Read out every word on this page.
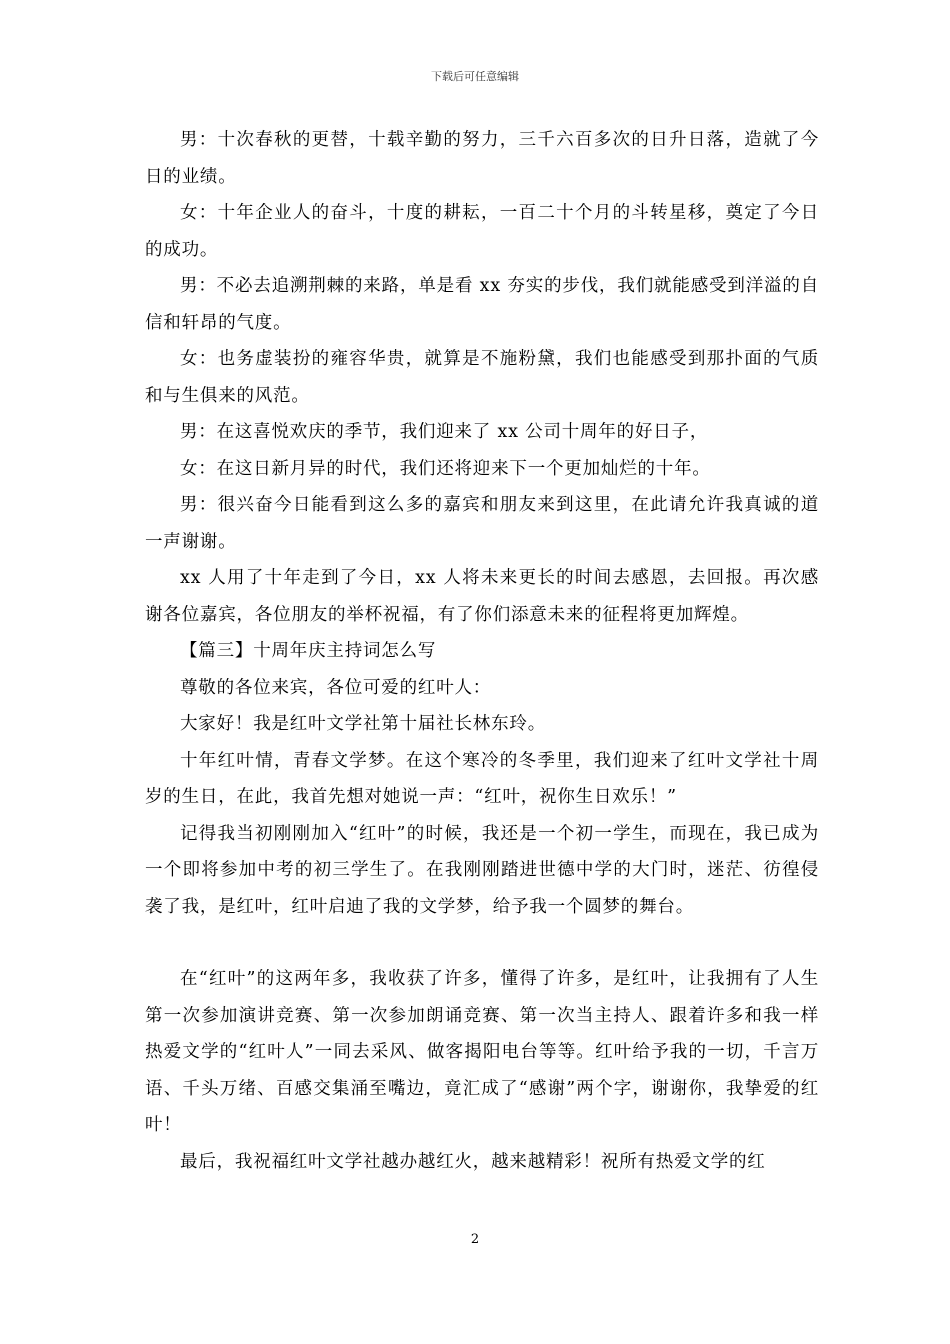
下载后可任意编辑

男：十次春秋的更替，十载辛勤的努力，三千六百多次的日升日落，造就了今日的业绩。

女：十年企业人的奋斗，十度的耕耘，一百二十个月的斗转星移，奠定了今日的成功。

男：不必去追溯荆棘的来路，单是看 xx 夯实的步伐，我们就能感受到洋溢的自信和轩昂的气度。

女：也务虚装扮的雍容华贵，就算是不施粉黛，我们也能感受到那扑面的气质和与生俱来的风范。

男：在这喜悦欢庆的季节，我们迎来了 xx 公司十周年的好日子，

女：在这日新月异的时代，我们还将迎来下一个更加灿烂的十年。

男：很兴奋今日能看到这么多的嘉宾和朋友来到这里，在此请允许我真诚的道一声谢谢。

xx 人用了十年走到了今日，xx 人将未来更长的时间去感恩，去回报。再次感谢各位嘉宾，各位朋友的举杯祝福，有了你们添意未来的征程将更加辉煌。

【篇三】十周年庆主持词怎么写

尊敬的各位来宾，各位可爱的红叶人：

大家好！我是红叶文学社第十届社长林东玲。

十年红叶情，青春文学梦。在这个寒冷的冬季里，我们迎来了红叶文学社十周岁的生日，在此，我首先想对她说一声：“红叶，祝你生日欢乐！”

记得我当初刚刚加入“红叶”的时候，我还是一个初一学生，而现在，我已成为一个即将参加中考的初三学生了。在我刚刚踏进世德中学的大门时，迷茫、彷徨侵袭了我，是红叶，红叶启迪了我的文学梦，给予我一个圆梦的舞台。

在“红叶”的这两年多，我收获了许多，懂得了许多，是红叶，让我拥有了人生第一次参加演讲竞赛、第一次参加朗诵竞赛、第一次当主持人、跟着许多和我一样热爱文学的“红叶人”一同去采风、做客揭阳电台等等。红叶给予我的一切，千言万语、千头万绪、百感交集涌至嘴边，竟汇成了“感谢”两个字，谢谢你，我挚爱的红叶！

最后，我祝福红叶文学社越办越红火，越来越精彩！祝所有热爱文学的红

2
